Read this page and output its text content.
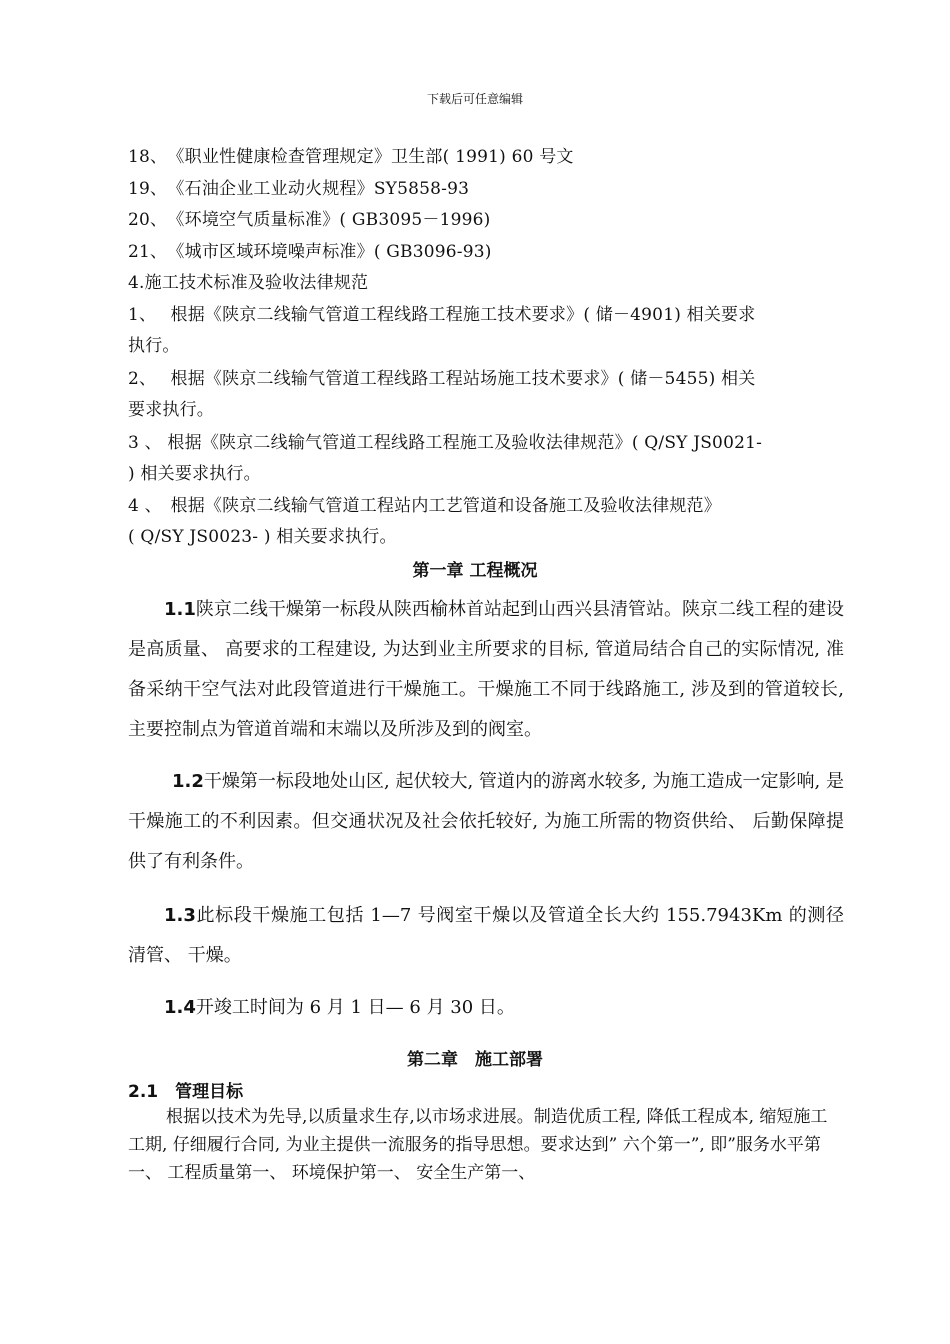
下载后可任意编辑
18、　《职业性健康检查管理规定》卫生部( 1991) 60 号文
19、　《石油企业工业动火规程》SY5858-93
20、　《环境空气质量标准》( GB3095－1996)
21、　《城市区域环境噪声标准》( GB3096-93)
4.施工技术标准及验收法律规范
1、　 根据《陕京二线输气管道工程线路工程施工技术要求》( 储－4901) 相关要求
执行。
2、　 根据《陕京二线输气管道工程线路工程站场施工技术要求》( 储－5455) 相关
要求执行。
3 、 根据《陕京二线输气管道工程线路工程施工及验收法律规范》( Q/SY JS0021-
) 相关要求执行。
4 、　根据《陕京二线输气管道工程站内工艺管道和设备施工及验收法律规范》
( Q/SY JS0023- ) 相关要求执行。
第一章 工程概况
1.1陕京二线干燥第一标段从陕西榆林首站起到山西兴县清管站。陕京二线工程的建设是高质量、 高要求的工程建设, 为达到业主所要求的目标, 管道局结合自己的实际情况, 准备采纳干空气法对此段管道进行干燥施工。干燥施工不同于线路施工, 涉及到的管道较长, 主要控制点为管道首端和末端以及所涉及到的阀室。
1.2干燥第一标段地处山区, 起伏较大, 管道内的游离水较多, 为施工造成一定影响, 是干燥施工的不利因素。但交通状况及社会依托较好, 为施工所需的物资供给、 后勤保障提供了有利条件。
1.3此标段干燥施工包括 1—7 号阀室干燥以及管道全长大约 155.7943Km 的测径清管、 干燥。
1.4开竣工时间为 6 月 1 日— 6 月 30 日。
第二章　施工部署
2.1　管理目标
根据以技术为先导,以质量求生存,以市场求进展。制造优质工程, 降低工程成本, 缩短施工工期, 仔细履行合同, 为业主提供一流服务的指导思想。要求达到” 六个第一”, 即”服务水平第一、 工程质量第一、 环境保护第一、 安全生产第一、
